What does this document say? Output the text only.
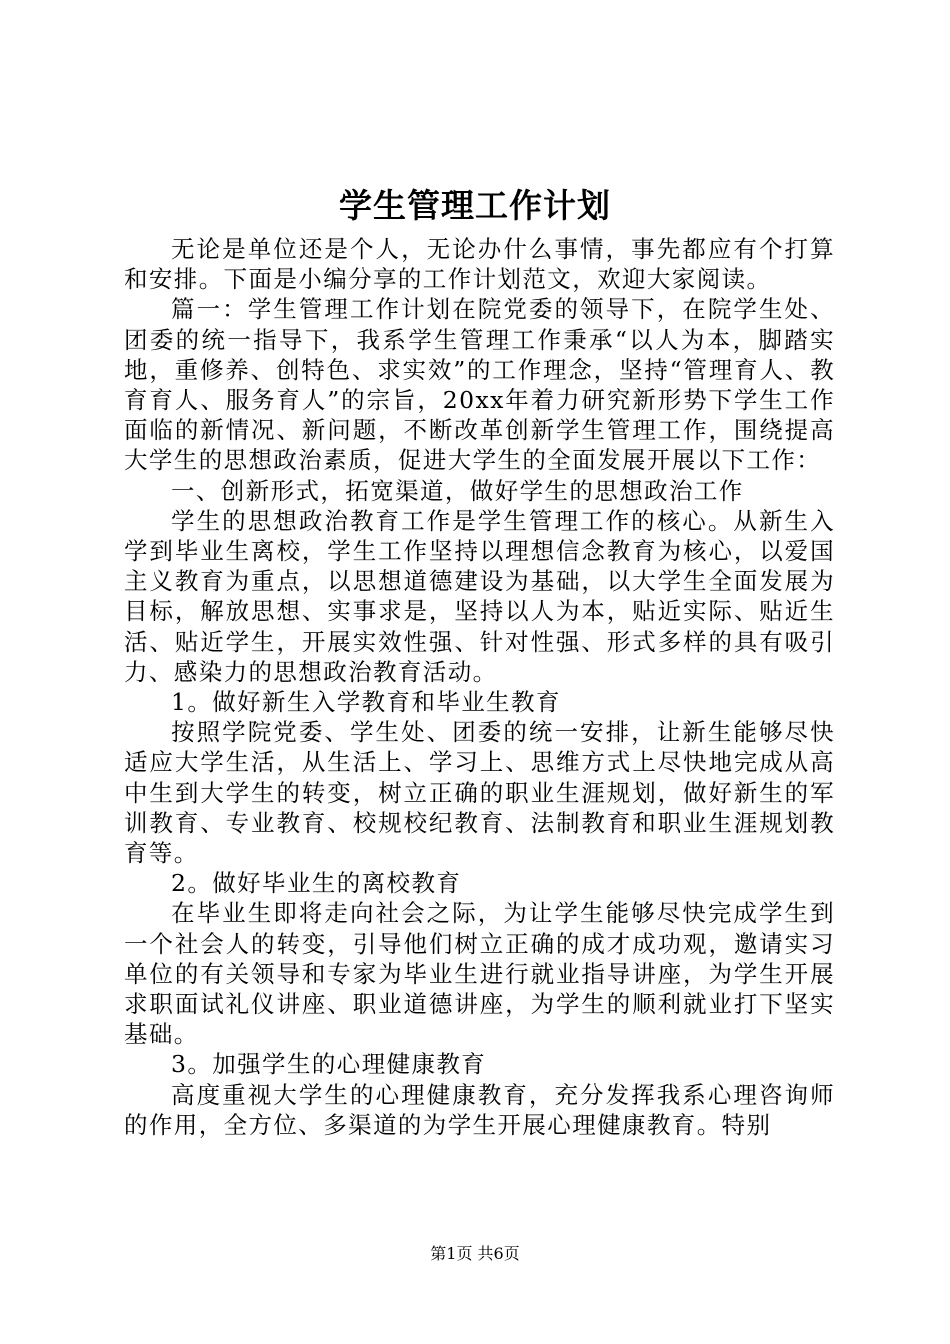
学生管理工作计划

无论是单位还是个人，无论办什么事情，事先都应有个打算和安排。下面是小编分享的工作计划范文，欢迎大家阅读。

篇一：学生管理工作计划在院党委的领导下，在院学生处、团委的统一指导下，我系学生管理工作秉承“以人为本，脚踏实地，重修养、创特色、求实效”的工作理念，坚持“管理育人、教育育人、服务育人”的宗旨，20xx年着力研究新形势下学生工作面临的新情况、新问题，不断改革创新学生管理工作，围绕提高大学生的思想政治素质，促进大学生的全面发展开展以下工作：

一、创新形式，拓宽渠道，做好学生的思想政治工作

学生的思想政治教育工作是学生管理工作的核心。从新生入学到毕业生离校，学生工作坚持以理想信念教育为核心，以爱国主义教育为重点，以思想道德建设为基础，以大学生全面发展为目标，解放思想、实事求是，坚持以人为本，贴近实际、贴近生活、贴近学生，开展实效性强、针对性强、形式多样的具有吸引力、感染力的思想政治教育活动。

1。做好新生入学教育和毕业生教育

按照学院党委、学生处、团委的统一安排，让新生能够尽快适应大学生活，从生活上、学习上、思维方式上尽快地完成从高中生到大学生的转变，树立正确的职业生涯规划，做好新生的军训教育、专业教育、校规校纪教育、法制教育和职业生涯规划教育等。

2。做好毕业生的离校教育

在毕业生即将走向社会之际，为让学生能够尽快完成学生到一个社会人的转变，引导他们树立正确的成才成功观，邀请实习单位的有关领导和专家为毕业生进行就业指导讲座，为学生开展求职面试礼仪讲座、职业道德讲座，为学生的顺利就业打下坚实基础。

3。加强学生的心理健康教育

高度重视大学生的心理健康教育，充分发挥我系心理咨询师的作用，全方位、多渠道的为学生开展心理健康教育。特别

第1页 共6页
